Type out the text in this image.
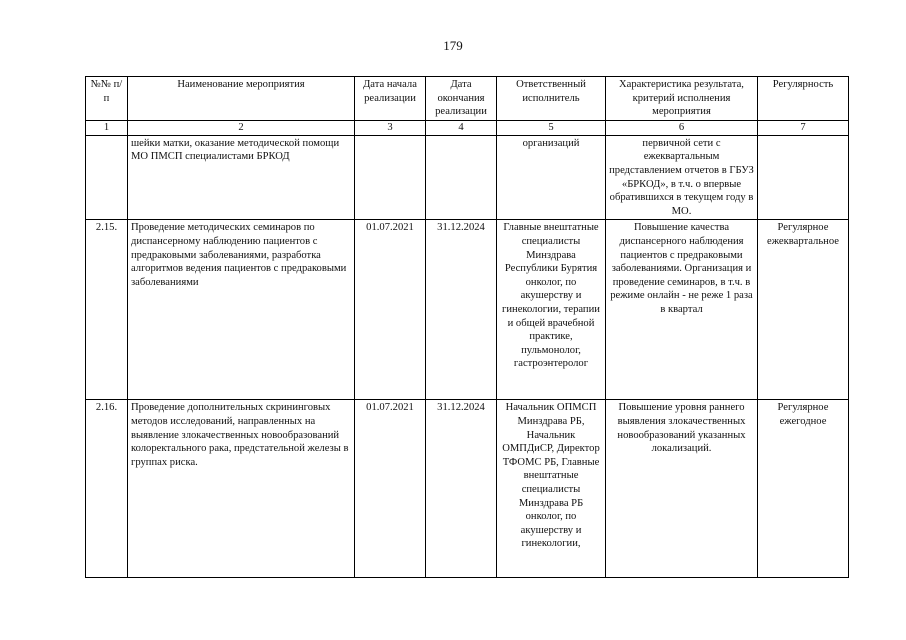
179
№№ п/п	Наименование мероприятия	Дата начала реализации	Дата окончания реализации	Ответственный исполнитель	Характеристика результата, критерий исполнения мероприятия	Регулярность
1	2	3	4	5	6	7
	шейки матки, оказание методической помощи МО ПМСП специалистами БРКОД			организаций	первичной сети с ежеквартальным представлением отчетов в ГБУЗ «БРКОД», в т.ч. о впервые обратившихся в текущем году в МО.	
2.15.	Проведение методических семинаров по диспансерному наблюдению пациентов с предраковыми заболеваниями, разработка алгоритмов ведения пациентов с предраковыми заболеваниями	01.07.2021	31.12.2024	Главные внештатные специалисты Минздрава Республики Бурятия онколог, по акушерству и гинекологии, терапии и общей врачебной практике, пульмонолог, гастроэнтеролог	Повышение качества диспансерного наблюдения пациентов с предраковыми заболеваниями. Организация и проведение семинаров, в т.ч. в режиме онлайн - не реже 1 раза в квартал	Регулярное ежеквартальное
2.16.	Проведение дополнительных скрининговых методов исследований, направленных на выявление злокачественных новообразований колоректального рака, предстательной железы в группах риска.	01.07.2021	31.12.2024	Начальник ОПМСП Минздрава РБ, Начальник ОМПДиСР, Директор ТФОМС РБ, Главные внештатные специалисты Минздрава РБ онколог, по акушерству и гинекологии,	Повышение уровня раннего выявления злокачественных новообразований указанных локализаций.	Регулярное ежегодное
